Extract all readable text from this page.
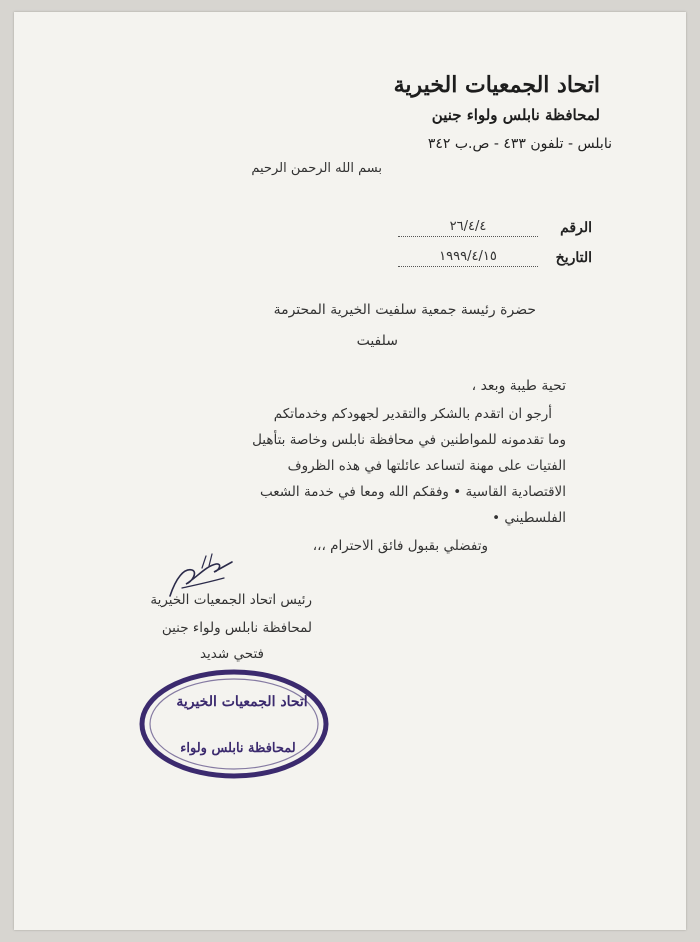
اتحاد الجمعيات الخيرية
لمحافظة نابلس ولواء جنين
نابلس - تلفون ٤٣٣ - ص.ب ٣٤٢
بسم الله الرحمن الرحيم
الرقم
٢٦/٤/٤
التاريخ
١٩٩٩/٤/١٥
حضرة رئيسة جمعية سلفيت الخيرية المحترمة
سلفيت
تحية طيبة وبعد ،
أرجو ان اتقدم بالشكر والتقدير لجهودكم وخدماتكم
وما تقدمونه للمواطنين في محافظة نابلس وخاصة بتأهيل
الفتيات على مهنة لتساعد عائلتها في هذه الظروف
الاقتصادية القاسية • وفقكم الله ومعا في خدمة الشعب
الفلسطيني •
وتفضلي بقبول فائق الاحترام ،،،
رئيس اتحاد الجمعيات الخيرية
لمحافظة نابلس ولواء جنين
فتحي شديد
اتحاد الجمعيات الخيرية
لمحافظة نابلس ولواء
